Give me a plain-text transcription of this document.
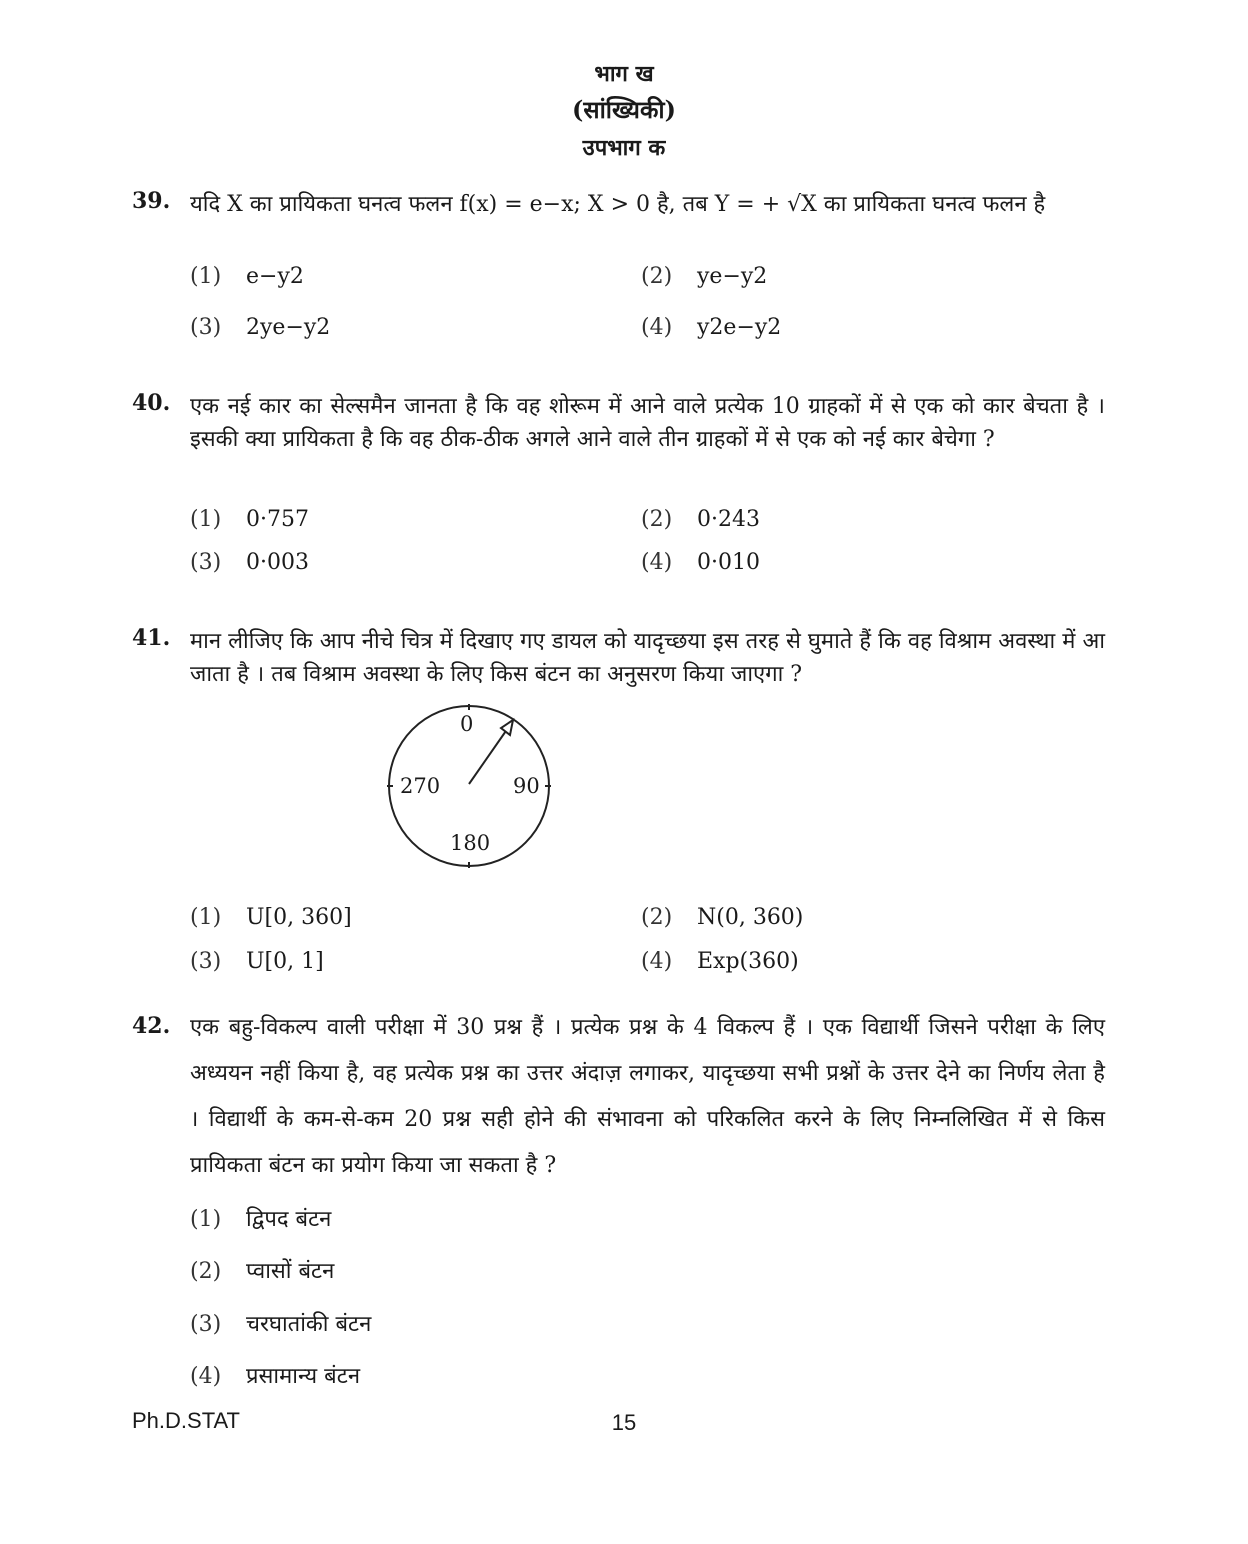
भाग ख
(सांख्यिकी)
उपभाग क
39. यदि X का प्रायिकता घनत्व फलन f(x) = e−x; X > 0 है, तब Y = + √X का प्रायिकता घनत्व फलन है
(1) e−y2	(2) ye−y2
(3) 2ye−y2	(4) y2e−y2
40. एक नई कार का सेल्समैन जानता है कि वह शोरूम में आने वाले प्रत्येक 10 ग्राहकों में से एक को कार बेचता है । इसकी क्या प्रायिकता है कि वह ठीक-ठीक अगले आने वाले तीन ग्राहकों में से एक को नई कार बेचेगा ?
(1) 0·757	(2) 0·243
(3) 0·003	(4) 0·010
41. मान लीजिए कि आप नीचे चित्र में दिखाए गए डायल को यादृच्छया इस तरह से घुमाते हैं कि वह विश्राम अवस्था में आ जाता है । तब विश्राम अवस्था के लिए किस बंटन का अनुसरण किया जाएगा ?
0
90
180
270
(1) U[0, 360]	(2) N(0, 360)
(3) U[0, 1]	(4) Exp(360)
42. एक बहु-विकल्प वाली परीक्षा में 30 प्रश्न हैं । प्रत्येक प्रश्न के 4 विकल्प हैं । एक विद्यार्थी जिसने परीक्षा के लिए अध्ययन नहीं किया है, वह प्रत्येक प्रश्न का उत्तर अंदाज़ लगाकर, यादृच्छया सभी प्रश्नों के उत्तर देने का निर्णय लेता है । विद्यार्थी के कम-से-कम 20 प्रश्न सही होने की संभावना को परिकलित करने के लिए निम्नलिखित में से किस प्रायिकता बंटन का प्रयोग किया जा सकता है ?
(1) द्विपद बंटन
(2) प्वासों बंटन
(3) चरघातांकी बंटन
(4) प्रसामान्य बंटन
Ph.D.STAT	15
